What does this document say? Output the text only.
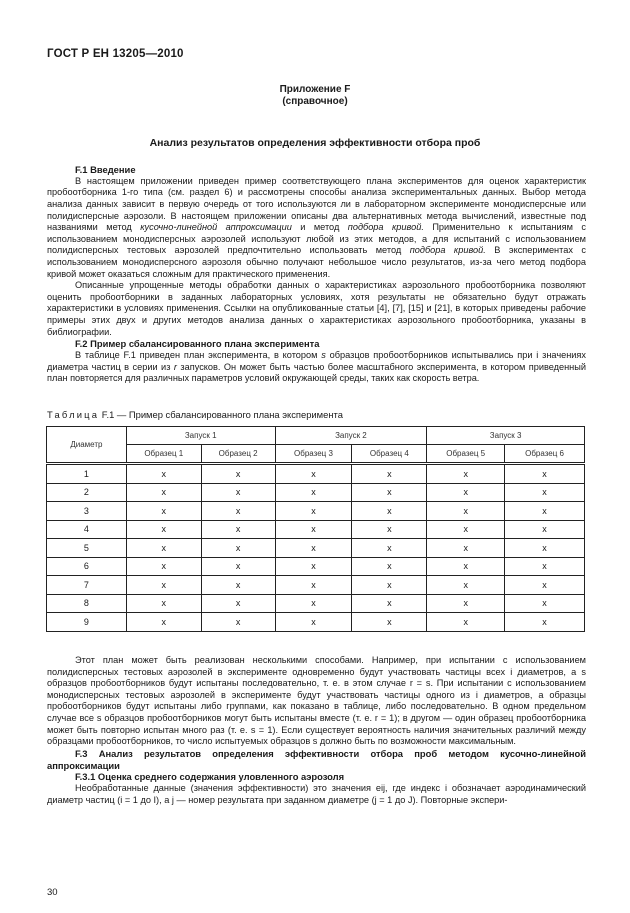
ГОСТ Р ЕН 13205—2010
Приложение F
(справочное)
Анализ результатов определения эффективности отбора проб
F.1 Введение

В настоящем приложении приведен пример соответствующего плана экспериментов для оценок характеристик пробоотборника 1-го типа (см. раздел 6) и рассмотрены способы анализа экспериментальных данных. Выбор метода анализа данных зависит в первую очередь от того используются ли в лабораторном эксперименте монодисперсные или полидисперсные аэрозоли. В настоящем приложении описаны два альтернативных метода вычислений, известные под названиями метод кусочно-линейной аппроксимации и метод подбора кривой. Применительно к испытаниям с использованием монодисперсных аэрозолей используют любой из этих методов, а для испытаний с использованием полидисперсных тестовых аэрозолей предпочтительно использовать метод подбора кривой. В экспериментах с использованием монодисперсного аэрозоля обычно получают небольшое число результатов, из-за чего метод подбора кривой может оказаться сложным для практического применения.

Описанные упрощенные методы обработки данных о характеристиках аэрозольного пробоотборника позволяют оценить пробоотборники в заданных лабораторных условиях, хотя результаты не обязательно будут отражать характеристики в условиях применения. Ссылки на опубликованные статьи [4], [7], [15] и [21], в которых приведены рабочие примеры этих двух и других методов анализа данных о характеристиках аэрозольного пробоотборника, указаны в библиографии.

F.2 Пример сбалансированного плана эксперимента

В таблице F.1 приведен план эксперимента, в котором s образцов пробоотборников испытывались при i значениях диаметра частиц в серии из r запусков. Он может быть частью более масштабного эксперимента, в котором приведенный план повторяется для различных параметров условий окружающей среды, таких как скорость ветра.

Таблица F.1 — Пример сбалансированного плана эксперимента
Диаметр	Запуск 1		Запуск 2		Запуск 3	
	Образец 1	Образец 2	Образец 3	Образец 4	Образец 5	Образец 6
1	x	x	x	x	x	x
2	x	x	x	x	x	x
3	x	x	x	x	x	x
4	x	x	x	x	x	x
5	x	x	x	x	x	x
6	x	x	x	x	x	x
7	x	x	x	x	x	x
8	x	x	x	x	x	x
9	x	x	x	x	x	x

Этот план может быть реализован несколькими способами. Например, при испытании с использованием полидисперсных тестовых аэрозолей в эксперименте одновременно будут участвовать частицы всех i диаметров, а s образцов пробоотборников будут испытаны последовательно, т. е. в этом случае r = s. При испытании с использованием монодисперсных тестовых аэрозолей в эксперименте будут участвовать частицы одного из i диаметров, а образцы пробоотборников будут испытаны либо группами, как показано в таблице, либо последовательно. В одном предельном случае все s образцов пробоотборников могут быть испытаны вместе (т. е. r = 1); в другом — один образец пробоотборника может быть повторно испытан много раз (т. е. s = 1). Если существует вероятность наличия значительных различий между образцами пробоотборников, то число испытуемых образцов s должно быть по возможности максимальным.

F.3 Анализ результатов определения эффективности отбора проб методом кусочно-линейной аппроксимации
F.3.1 Оценка среднего содержания уловленного аэрозоля

Необработанные данные (значения эффективности) это значения eij, где индекс i обозначает аэродинамический диаметр частиц (i = 1 до I), а j — номер результата при заданном диаметре (j = 1 до J). Повторные экспери-

30
